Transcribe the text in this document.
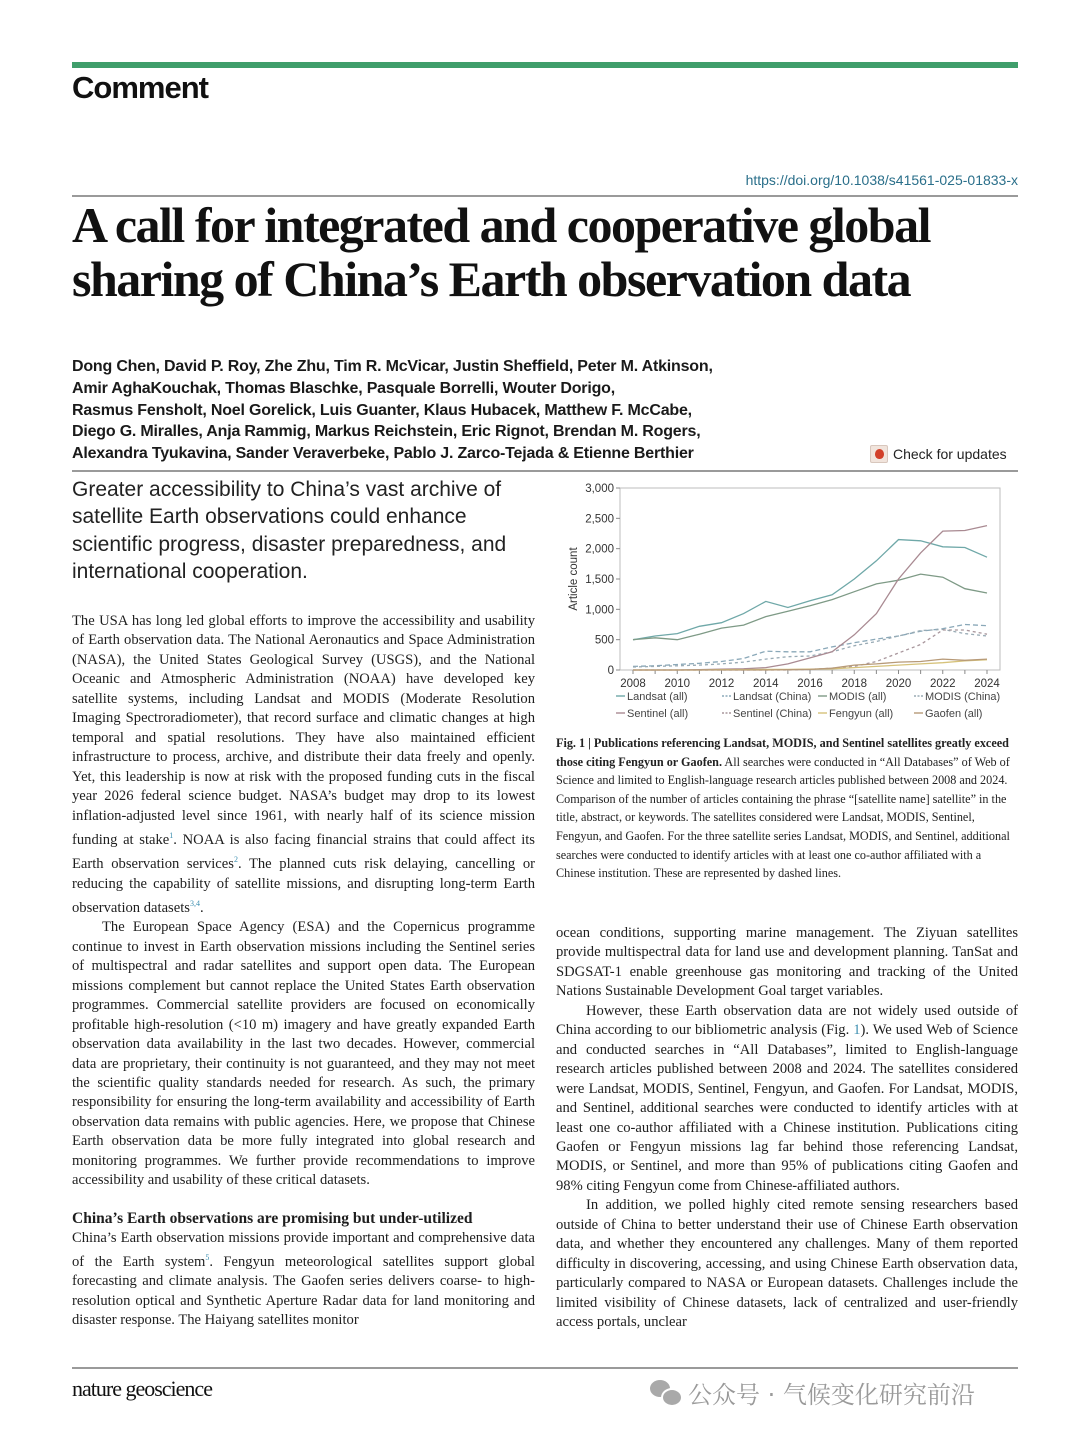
Comment
https://doi.org/10.1038/s41561-025-01833-x
A call for integrated and cooperative global
sharing of China’s Earth observation data
Dong Chen, David P. Roy, Zhe Zhu, Tim R. McVicar, Justin Sheffield, Peter M. Atkinson,
Amir AghaKouchak, Thomas Blaschke, Pasquale Borrelli, Wouter Dorigo,
Rasmus Fensholt, Noel Gorelick, Luis Guanter, Klaus Hubacek, Matthew F. McCabe,
Diego G. Miralles, Anja Rammig, Markus Reichstein, Eric Rignot, Brendan M. Rogers,
Alexandra Tyukavina, Sander Veraverbeke, Pablo J. Zarco-Tejada & Etienne Berthier	Check for updates
Greater accessibility to China’s vast archive of satellite Earth observations could enhance scientific progress, disaster preparedness, and international cooperation.
0
500
1,000
1,500
2,000
2,500
3,000
2008 2010 2012 2014 2016 2018 2020 2022 2024
Article count
Landsat (all)	Landsat (China) MODIS (all)	MODIS (China)
Sentinel (all)	Sentinel (China) Fengyun (all)	Gaofen (all)
Fig. 1 | Publications referencing Landsat, MODIS, and Sentinel satellites greatly exceed those citing Fengyun or Gaofen. All searches were conducted in “All Databases” of Web of Science and limited to English-language research articles published between 2008 and 2024. Comparison of the number of articles containing the phrase “[satellite name] satellite” in the title, abstract, or keywords. The satellites considered were Landsat, MODIS, Sentinel, Fengyun, and Gaofen. For the three satellite series Landsat, MODIS, and Sentinel, additional searches were conducted to identify articles with at least one co-author affiliated with a Chinese institution. These are represented by dashed lines.

The USA has long led global efforts to improve the accessibility and usability of Earth observation data. The National Aeronautics and Space Administration (NASA), the United States Geological Survey (USGS), and the National Oceanic and Atmospheric Administration (NOAA) have developed key satellite systems, including Landsat and MODIS (Moderate Resolution Imaging Spectroradiometer), that record surface and climatic changes at high temporal and spatial resolutions. They have also maintained efficient infrastructure to process, archive, and distribute their data freely and openly. Yet, this leadership is now at risk with the proposed funding cuts in the fiscal year 2026 federal science budget. NASA’s budget may drop to its lowest inflation-adjusted level since 1961, with nearly half of its science mission funding at stake$^1$. NOAA is also facing financial strains that could affect its Earth observation services$^2$. The planned cuts risk delaying, cancelling or reducing the capability of satellite missions, and disrupting long-term Earth observation datasets$^{3,4}$.

The European Space Agency (ESA) and the Copernicus programme continue to invest in Earth observation missions including the Sentinel series of multispectral and radar satellites and support open data. The European missions complement but cannot replace the United States Earth observation programmes. Commercial satellite providers are focused on economically profitable high-resolution (<10 m) imagery and have greatly expanded Earth observation data availability in the last two decades. However, commercial data are proprietary, their continuity is not guaranteed, and they may not meet the scientific quality standards needed for research. As such, the primary responsibility for ensuring the long-term availability and accessibility of Earth observation data remains with public agencies. Here, we propose that Chinese Earth observation data be more fully integrated into global research and monitoring programmes. We further provide recommendations to improve accessibility and usability of these critical datasets.

China’s Earth observations are promising but under-utilized

China’s Earth observation missions provide important and comprehensive data of the Earth system$^5$. Fengyun meteorological satellites support global forecasting and climate analysis. The Gaofen series delivers coarse- to high-resolution optical and Synthetic Aperture Radar data for land monitoring and disaster response. The Haiyang satellites monitor

ocean conditions, supporting marine management. The Ziyuan satellites provide multispectral data for land use and development planning. TanSat and SDGSAT-1 enable greenhouse gas monitoring and tracking of the United Nations Sustainable Development Goal target variables.

However, these Earth observation data are not widely used outside of China according to our bibliometric analysis (Fig. 1). We used Web of Science and conducted searches in “All Databases”, limited to English-language research articles published between 2008 and 2024. The satellites considered were Landsat, MODIS, Sentinel, Fengyun, and Gaofen. For Landsat, MODIS, and Sentinel, additional searches were conducted to identify articles with at least one co-author affiliated with a Chinese institution. Publications citing Gaofen or Fengyun missions lag far behind those referencing Landsat, MODIS, or Sentinel, and more than 95% of publications citing Gaofen and 98% citing Fengyun come from Chinese-affiliated authors.

In addition, we polled highly cited remote sensing researchers based outside of China to better understand their use of Chinese Earth observation data, and whether they encountered any challenges. Many of them reported difficulty in discovering, accessing, and using Chinese Earth observation data, particularly compared to NASA or European datasets. Challenges include the limited visibility of Chinese datasets, lack of centralized and user-friendly access portals, unclear

nature geoscience	公众号 · 气候变化研究前沿
